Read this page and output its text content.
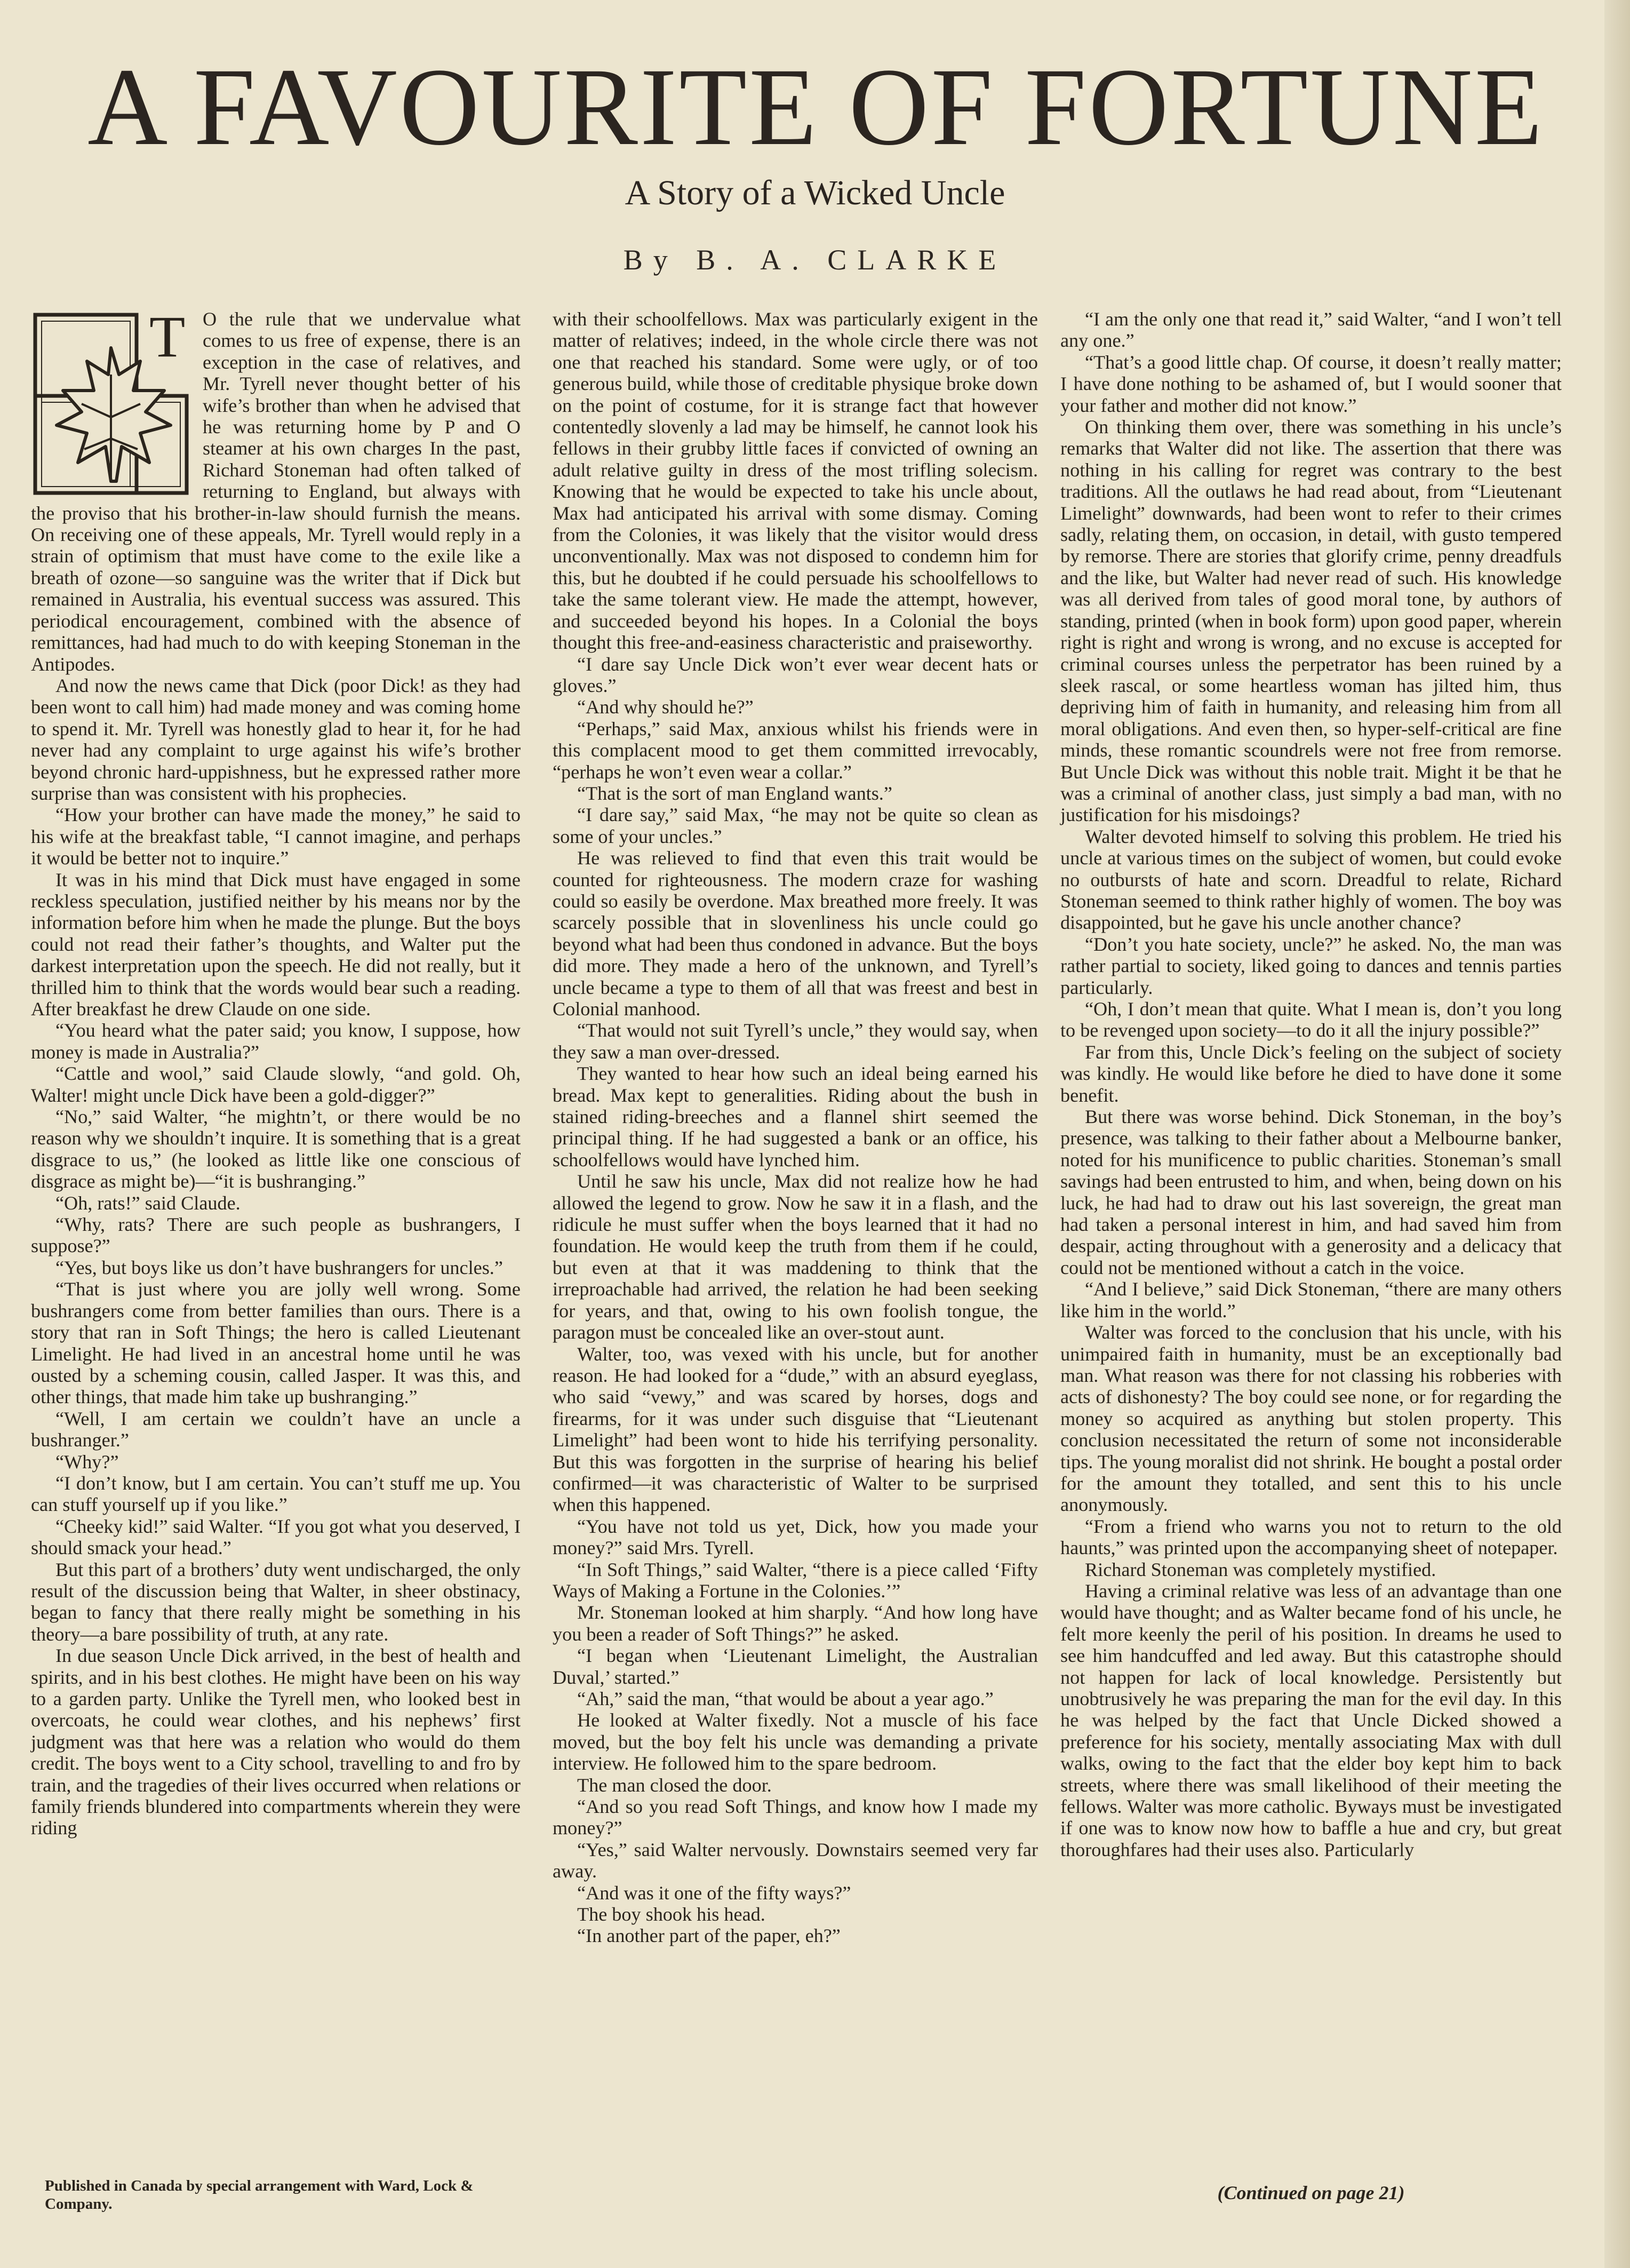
A FAVOURITE OF FORTUNE
A Story of a Wicked Uncle
By B. A. CLARKE
T O the rule that we undervalue what comes to us free of expense, there is an exception in the case of relatives, and Mr. Tyrell never thought better of his wife’s brother than when he advised that he was returning home by P and O steamer at his own charges In the past, Richard Stoneman had often talked of returning to England, but always with the proviso that his brother-in-law should furnish the means. On receiving one of these appeals, Mr. Tyrell would reply in a strain of optimism that must have come to the exile like a breath of ozone—so sanguine was the writer that if Dick but remained in Australia, his eventual success was assured. This periodical encouragement, combined with the absence of remittances, had had much to do with keeping Stoneman in the Antipodes.

And now the news came that Dick (poor Dick! as they had been wont to call him) had made money and was coming home to spend it. Mr. Tyrell was honestly glad to hear it, for he had never had any complaint to urge against his wife’s brother beyond chronic hard-uppishness, but he expressed rather more surprise than was consistent with his prophecies.

“How your brother can have made the money,” he said to his wife at the breakfast table, “I cannot imagine, and perhaps it would be better not to inquire.”

It was in his mind that Dick must have engaged in some reckless speculation, justified neither by his means nor by the information before him when he made the plunge. But the boys could not read their father’s thoughts, and Walter put the darkest interpretation upon the speech. He did not really, but it thrilled him to think that the words would bear such a reading. After breakfast he drew Claude on one side.

“You heard what the pater said; you know, I suppose, how money is made in Australia?”

“Cattle and wool,” said Claude slowly, “and gold. Oh, Walter! might uncle Dick have been a gold-digger?”

“No,” said Walter, “he mightn’t, or there would be no reason why we shouldn’t inquire. It is something that is a great disgrace to us,” (he looked as little like one conscious of disgrace as might be)—“it is bushranging.”

“Oh, rats!” said Claude.

“Why, rats? There are such people as bushrangers, I suppose?”

“Yes, but boys like us don’t have bushrangers for uncles.”

“That is just where you are jolly well wrong. Some bushrangers come from better families than ours. There is a story that ran in Soft Things; the hero is called Lieutenant Limelight. He had lived in an ancestral home until he was ousted by a scheming cousin, called Jasper. It was this, and other things, that made him take up bushranging.”

“Well, I am certain we couldn’t have an uncle a bushranger.”

“Why?”

“I don’t know, but I am certain. You can’t stuff me up. You can stuff yourself up if you like.”

“Cheeky kid!” said Walter. “If you got what you deserved, I should smack your head.”

But this part of a brothers’ duty went undischarged, the only result of the discussion being that Walter, in sheer obstinacy, began to fancy that there really might be something in his theory—a bare possibility of truth, at any rate.

In due season Uncle Dick arrived, in the best of health and spirits, and in his best clothes. He might have been on his way to a garden party. Unlike the Tyrell men, who looked best in overcoats, he could wear clothes, and his nephews’ first judgment was that here was a relation who would do them credit. The boys went to a City school, travelling to and fro by train, and the tragedies of their lives occurred when relations or family friends blundered into compartments wherein they were riding

with their schoolfellows. Max was particularly exigent in the matter of relatives; indeed, in the whole circle there was not one that reached his standard. Some were ugly, or of too generous build, while those of creditable physique broke down on the point of costume, for it is strange fact that however contentedly slovenly a lad may be himself, he cannot look his fellows in their grubby little faces if convicted of owning an adult relative guilty in dress of the most trifling solecism. Knowing that he would be expected to take his uncle about, Max had anticipated his arrival with some dismay. Coming from the Colonies, it was likely that the visitor would dress unconventionally. Max was not disposed to condemn him for this, but he doubted if he could persuade his schoolfellows to take the same tolerant view. He made the attempt, however, and succeeded beyond his hopes. In a Colonial the boys thought this free-and-easiness characteristic and praiseworthy.

“I dare say Uncle Dick won’t ever wear decent hats or gloves.”

“And why should he?”

“Perhaps,” said Max, anxious whilst his friends were in this complacent mood to get them committed irrevocably, “perhaps he won’t even wear a collar.”

“That is the sort of man England wants.”

“I dare say,” said Max, “he may not be quite so clean as some of your uncles.”

He was relieved to find that even this trait would be counted for righteousness. The modern craze for washing could so easily be overdone. Max breathed more freely. It was scarcely possible that in slovenliness his uncle could go beyond what had been thus condoned in advance. But the boys did more. They made a hero of the unknown, and Tyrell’s uncle became a type to them of all that was freest and best in Colonial manhood.

“That would not suit Tyrell’s uncle,” they would say, when they saw a man over-dressed.

They wanted to hear how such an ideal being earned his bread. Max kept to generalities. Riding about the bush in stained riding-breeches and a flannel shirt seemed the principal thing. If he had suggested a bank or an office, his schoolfellows would have lynched him.

Until he saw his uncle, Max did not realize how he had allowed the legend to grow. Now he saw it in a flash, and the ridicule he must suffer when the boys learned that it had no foundation. He would keep the truth from them if he could, but even at that it was maddening to think that the irreproachable had arrived, the relation he had been seeking for years, and that, owing to his own foolish tongue, the paragon must be concealed like an over-stout aunt.

Walter, too, was vexed with his uncle, but for another reason. He had looked for a “dude,” with an absurd eyeglass, who said “vewy,” and was scared by horses, dogs and firearms, for it was under such disguise that “Lieutenant Limelight” had been wont to hide his terrifying personality. But this was forgotten in the surprise of hearing his belief confirmed—it was characteristic of Walter to be surprised when this happened.

“You have not told us yet, Dick, how you made your money?” said Mrs. Tyrell.

“In Soft Things,” said Walter, “there is a piece called ‘Fifty Ways of Making a Fortune in the Colonies.’”

Mr. Stoneman looked at him sharply. “And how long have you been a reader of Soft Things?” he asked.

“I began when ‘Lieutenant Limelight, the Australian Duval,’ started.”

“Ah,” said the man, “that would be about a year ago.”

He looked at Walter fixedly. Not a muscle of his face moved, but the boy felt his uncle was demanding a private interview. He followed him to the spare bedroom.

The man closed the door.

“And so you read Soft Things, and know how I made my money?”

“Yes,” said Walter nervously. Downstairs seemed very far away.

“And was it one of the fifty ways?”

The boy shook his head.

“In another part of the paper, eh?”

“I am the only one that read it,” said Walter, “and I won’t tell any one.”

“That’s a good little chap. Of course, it doesn’t really matter; I have done nothing to be ashamed of, but I would sooner that your father and mother did not know.”

On thinking them over, there was something in his uncle’s remarks that Walter did not like. The assertion that there was nothing in his calling for regret was contrary to the best traditions. All the outlaws he had read about, from “Lieutenant Limelight” downwards, had been wont to refer to their crimes sadly, relating them, on occasion, in detail, with gusto tempered by remorse. There are stories that glorify crime, penny dreadfuls and the like, but Walter had never read of such. His knowledge was all derived from tales of good moral tone, by authors of standing, printed (when in book form) upon good paper, wherein right is right and wrong is wrong, and no excuse is accepted for criminal courses unless the perpetrator has been ruined by a sleek rascal, or some heartless woman has jilted him, thus depriving him of faith in humanity, and releasing him from all moral obligations. And even then, so hyper-self-critical are fine minds, these romantic scoundrels were not free from remorse. But Uncle Dick was without this noble trait. Might it be that he was a criminal of another class, just simply a bad man, with no justification for his misdoings?

Walter devoted himself to solving this problem. He tried his uncle at various times on the subject of women, but could evoke no outbursts of hate and scorn. Dreadful to relate, Richard Stoneman seemed to think rather highly of women. The boy was disappointed, but he gave his uncle another chance?

“Don’t you hate society, uncle?” he asked. No, the man was rather partial to society, liked going to dances and tennis parties particularly.

“Oh, I don’t mean that quite. What I mean is, don’t you long to be revenged upon society—to do it all the injury possible?”

Far from this, Uncle Dick’s feeling on the subject of society was kindly. He would like before he died to have done it some benefit.

But there was worse behind. Dick Stoneman, in the boy’s presence, was talking to their father about a Melbourne banker, noted for his munificence to public charities. Stoneman’s small savings had been entrusted to him, and when, being down on his luck, he had had to draw out his last sovereign, the great man had taken a personal interest in him, and had saved him from despair, acting throughout with a generosity and a delicacy that could not be mentioned without a catch in the voice.

“And I believe,” said Dick Stoneman, “there are many others like him in the world.”

Walter was forced to the conclusion that his uncle, with his unimpaired faith in humanity, must be an exceptionally bad man. What reason was there for not classing his robberies with acts of dishonesty? The boy could see none, or for regarding the money so acquired as anything but stolen property. This conclusion necessitated the return of some not inconsiderable tips. The young moralist did not shrink. He bought a postal order for the amount they totalled, and sent this to his uncle anonymously.

“From a friend who warns you not to return to the old haunts,” was printed upon the accompanying sheet of notepaper.

Richard Stoneman was completely mystified.

Having a criminal relative was less of an advantage than one would have thought; and as Walter became fond of his uncle, he felt more keenly the peril of his position. In dreams he used to see him handcuffed and led away. But this catastrophe should not happen for lack of local knowledge. Persistently but unobtrusively he was preparing the man for the evil day. In this he was helped by the fact that Uncle Dicked showed a preference for his society, mentally associating Max with dull walks, owing to the fact that the elder boy kept him to back streets, where there was small likelihood of their meeting the fellows. Walter was more catholic. Byways must be investigated if one was to know now how to baffle a hue and cry, but great thoroughfares had their uses also. Particularly

Published in Canada by special arrangement with Ward, Lock & Company.
(Continued on page 21)
